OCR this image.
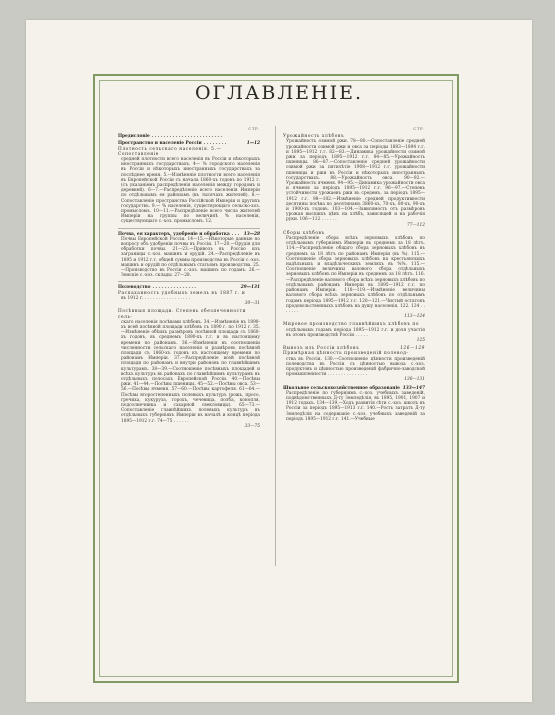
ОГЛАВЛЕНІЕ.
СТР.
Предисловіе . . . . . . . . . . . . . . . . . . . . . . . .
Пространство и населеніе Россіи . . . . . . . .	1—12
Плотность сельскаго населенія. 5.—Сопоставленіе
средней плотности всего населенія въ Россіи и нѣкоторыхъ иностранныхъ государствахъ. 4— % городского населенія въ Россіи и нѣкоторыхъ иностранныхъ государствахъ за послѣднее время. 5.—Измѣненіе плотности всего населенія въ Европейской Россіи съ начала 1860-хъ годовъ по 1912 г. (съ указаніемъ распредѣленія населенія между городомъ и деревней). 6—7.—Распредѣленіе всего населенія Имперіи по отдѣльнымъ ея районамъ (въ тысячахъ жителей). 8.—Сопоставленіе пространства Россійской Имперіи и другихъ государствъ. 9.— % населенія, существующаго сельско-хоз. промысломъ. 10—11.—Распредѣленіе всего числа жителей Имперіи на группы по величинѣ % населенія, существующаго с.-хоз. промысломъ. 12.
Почва, ея характеръ, удобреніе и обработка . . .	13—28
Почвы Европейской Россіи. 14—15.—Нѣкоторые данные по вопросу объ удобреніи почвы въ Россіи. 17—20.—Орудія для обработки почвы. 21—23.—Привозъ въ Россію изъ заграницы с.-хоз. машинъ и орудій. 24.—Распредѣленіе въ 1895 и 1912 г.г. общей суммы производства въ Россіи с.-хоз. машинъ и орудій по отдѣльнымъ статьямъ производства. 25.—Производство въ Россіи с.-хоз. машинъ по годамъ. 26.—Земскіе с.-хоз. склады. 27—28.
Полеводство . . . . . . . . . . . . . . .	29—131
Распаханность удобныхъ земель въ 1887 г. и
въ 1912 г. . . . . . . . . . . . . . . . . .
30—31
Посѣвныя площади. Степень обезпеченности сель-
скаго населенія посѣвами хлѣбовъ. 34.—Измѣненіе въ 1890-хъ всей посѣвной площади хлѣбовъ съ 1890 г. по 1912 г. 35.—Измѣненіе обѣихъ размѣровъ посѣвной площади съ 1860-хъ годовъ, въ среднемъ 1890-хъ г.г. и въ настоящему времени по районамъ. 36.—Измѣненія въ соотношеніи численности сельскаго населенія и размѣровъ посѣвной площади съ 1860-хъ годовъ къ настоящему времени по районамъ Имперіи. 37.—Распредѣленіе всей посѣвной площади по районамъ и внутри районовъ по главнѣйшимъ культурамъ. 38—39.—Соотношеніе посѣвныхъ площадей и всѣхъ культуръ въ районахъ по главнѣйшимъ культурамъ въ отдѣльныхъ полосахъ Европейской Россіи. 40.—Посѣвы ржи. 41—44.—Посѣвы пшеницы. 45—52.—Посѣвы овса. 53—56.—Посѣвы ячменя. 57—60.—Посѣвы картофеля. 61—64.—Посѣвы второстепенныхъ полевыхъ культуръ (рожь, просо, гречиха, кукуруза, горохъ, чечевица, полба, конопля, подсолнечника и сахарной свекловицы). 65—73.—Сопоставленіе главнѣйшихъ полевыхъ культуръ въ отдѣльныхъ губерніяхъ Имперіи въ началѣ и концѣ періода 1895—1912 г.г. 74—75 . . . . . .
33—75
СТР.
Урожайность хлѣбовъ
Урожайность озимой ржи. 78—80.—Сопоставленіе средней урожайности озимой ржи и овса за періоды 1883—1894 г.г. и 1895—1912 г.г. 82—83.—Динамика урожайности озимой ржи за періодъ 1895—1912 г.г. 84—85.—Урожайность пшеницы. 86—87.—Сопоставленіе средней урожайности озимой ржи за пятилѣтіе 1908—1912 г.г. урожайности пшеницы и ржи въ Россіи и нѣкоторыхъ иностранныхъ государствахъ. 88.—Урожайность овса. 90—92.—Урожайность ячменя. 94—95.—Динамика урожайности овса и ячменя за періодъ 1895—1912 г.г. 96—97.—Степень устойчивости урожаевъ ржи въ средемъ, за періодъ 1895—1912 г.г. 98—102.—Измѣненіе средней продуктивности десятины посѣва по десятинамъ 3860-хъ, 70-хъ, 80-хъ, 90-хъ и 1900-хъ годовъ. 103—104.—Зависимость отъ размѣровъ урожая высшихъ цѣнъ на хлѣбъ, зависящей и на рабочія руки. 106—112 . . . . . .
77—112
Сборы хлѣбовъ
Распредѣленіе сбора всѣхъ зерновыхъ хлѣбовъ по отдѣльнымъ губерніямъ Имперіи въ среднемъ за 18 лѣтъ. 114.—Распредѣленіе общаго сбора зерновыхъ хлѣбовъ въ среднемъ за 18 лѣтъ по районамъ Имперіи (въ %). 115.—Соотношеніе сбора зерновыхъ хлѣбовъ на крестьянскихъ надѣльныхъ и владѣльческихъ земляхъ въ %%. 115.—Соотношеніе величины валового сбора отдѣльныхъ зерновыхъ хлѣбовъ по Имперіи въ среднемъ за 18 лѣтъ. 116.—Распредѣленіе валового сбора всѣхъ зерновыхъ хлѣбовъ по отдѣльнымъ районамъ Имперіи въ 1895—1912 г.г. по районамъ Имперіи. 118—119.—Измѣненіе величины валового сбора всѣхъ зерновыхъ хлѣбовъ по отдѣльнымъ годамъ періода 1895—1912 г.г. 120—121.—Чистый остатокъ продовольственныхъ хлѣбовъ на душу населенія. 122. 124 . . . . . . .
113—124
Мировое производство главнѣйшихъ хлѣбовъ по
отдѣльнымъ годамъ періода 1895—1912 г.г. и доля участія въ этомъ производствѣ Россіи . . . . .
125
Вывозъ изъ Россіи хлѣбовъ	126—129
Примѣрная цѣнность произведеній полевод-
ства въ Россіи. 130.—Соотношеніе цѣнности произведеній полеводства въ Россіи съ цѣнностью вывоза с.-хоз. продуктовъ и цѣнностью произведеній фабрично-заводской промышленности . . . . . . . . . . . . . . .
130—131
Школьное сельскохозяйственное образованіе 133—147
Распредѣленіе по губерніямъ с.-хоз. учебныхъ заведеній, подвѣдомственныхъ Д-ту Земледѣлія, въ 1895, 1901, 1907 и 1912 годахъ. 134—139.—Ходъ развитія сѣти с.-хоз. школъ въ Россіи за періодъ 1895—1913 г.г. 140.—Рость затратъ Д-ту Земледѣлія на содержаніе с.-хоз. учебныхъ заведеній за періодъ 1895—1912 г.г. 141.—Учебные
